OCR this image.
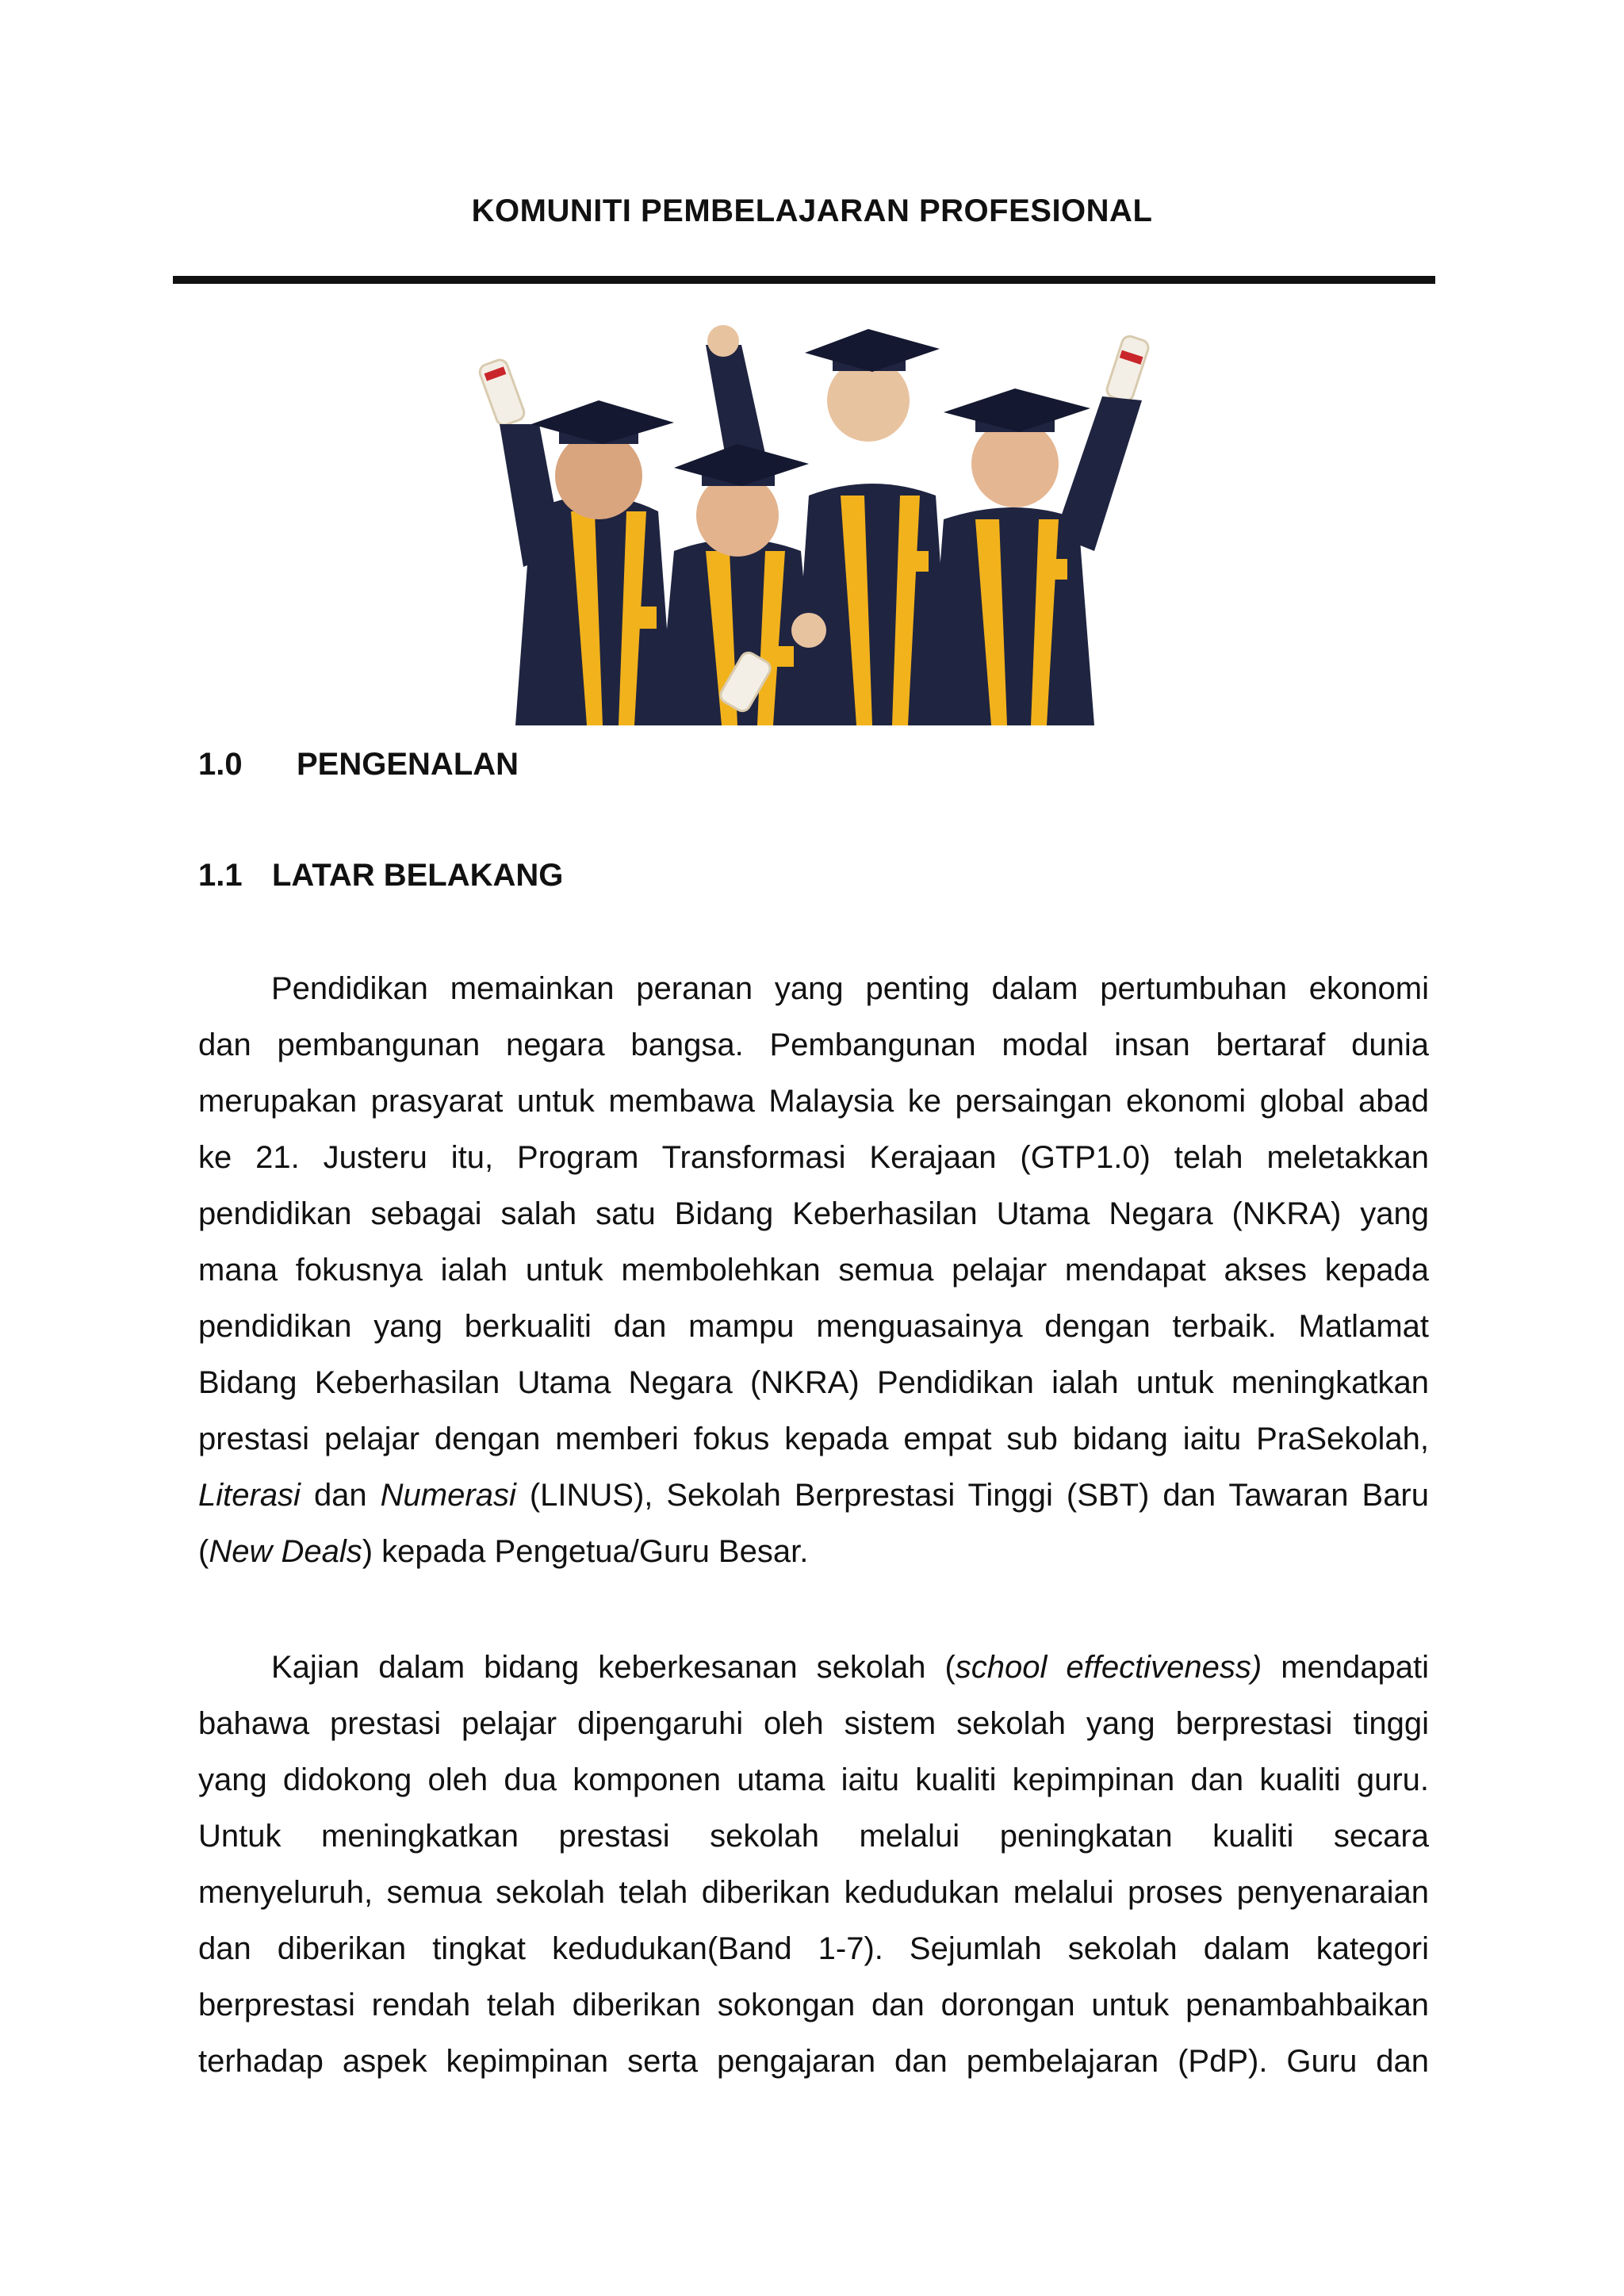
KOMUNITI PEMBELAJARAN PROFESIONAL
1.0 PENGENALAN
1.1 LATAR BELAKANG
Pendidikan memainkan peranan yang penting dalam pertumbuhan ekonomi
dan pembangunan negara bangsa. Pembangunan modal insan bertaraf dunia
merupakan prasyarat untuk membawa Malaysia ke persaingan ekonomi global abad
ke 21. Justeru itu, Program Transformasi Kerajaan (GTP1.0) telah meletakkan
pendidikan sebagai salah satu Bidang Keberhasilan Utama Negara (NKRA) yang
mana fokusnya ialah untuk membolehkan semua pelajar mendapat akses kepada
pendidikan yang berkualiti dan mampu menguasainya dengan terbaik. Matlamat
Bidang Keberhasilan Utama Negara (NKRA) Pendidikan ialah untuk meningkatkan
prestasi pelajar dengan memberi fokus kepada empat sub bidang iaitu PraSekolah,
Literasi dan Numerasi (LINUS), Sekolah Berprestasi Tinggi (SBT) dan Tawaran Baru
(New Deals) kepada Pengetua/Guru Besar.
Kajian dalam bidang keberkesanan sekolah (school effectiveness) mendapati
bahawa prestasi pelajar dipengaruhi oleh sistem sekolah yang berprestasi tinggi
yang didokong oleh dua komponen utama iaitu kualiti kepimpinan dan kualiti guru.
Untuk meningkatkan prestasi sekolah melalui peningkatan kualiti secara
menyeluruh, semua sekolah telah diberikan kedudukan melalui proses penyenaraian
dan diberikan tingkat kedudukan(Band 1-7). Sejumlah sekolah dalam kategori
berprestasi rendah telah diberikan sokongan dan dorongan untuk penambahbaikan
terhadap aspek kepimpinan serta pengajaran dan pembelajaran (PdP). Guru dan
